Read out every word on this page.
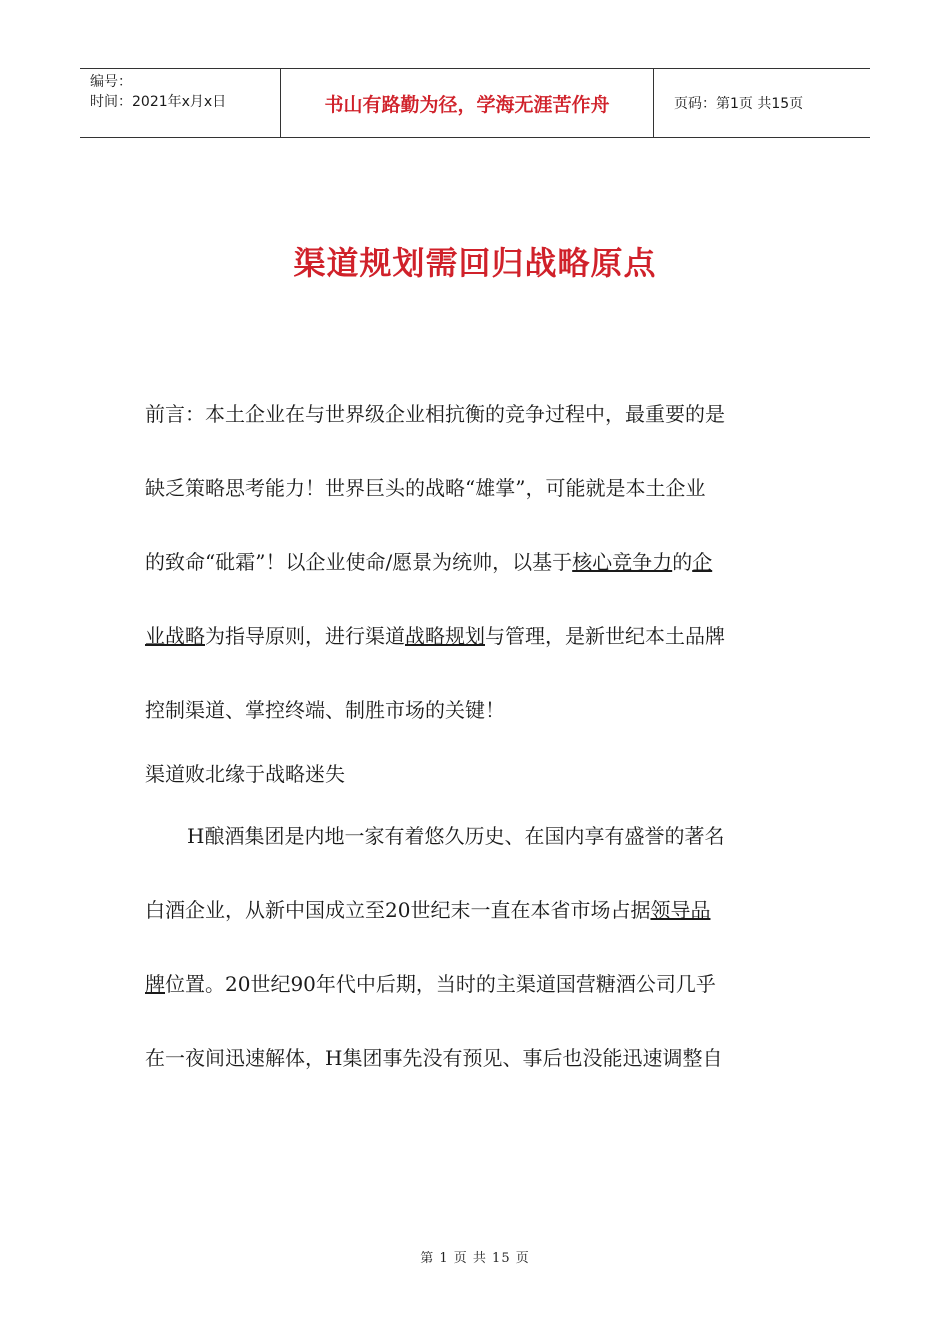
编号：
时间：2021年x月x日	书山有路勤为径，学海无涯苦作舟	页码：第1页 共15页
渠道规划需回归战略原点
前言：本土企业在与世界级企业相抗衡的竞争过程中，最重要的是
缺乏策略思考能力！世界巨头的战略“雄掌”，可能就是本土企业
的致命“砒霜”！以企业使命/愿景为统帅，以基于核心竞争力的企
业战略为指导原则，进行渠道战略规划与管理，是新世纪本土品牌
控制渠道、掌控终端、制胜市场的关键！
渠道败北缘于战略迷失
H酿酒集团是内地一家有着悠久历史、在国内享有盛誉的著名
白酒企业，从新中国成立至20世纪末一直在本省市场占据领导品
牌位置。20世纪90年代中后期，当时的主渠道国营糖酒公司几乎
在一夜间迅速解体，H集团事先没有预见、事后也没能迅速调整自
第 1 页 共 15 页
